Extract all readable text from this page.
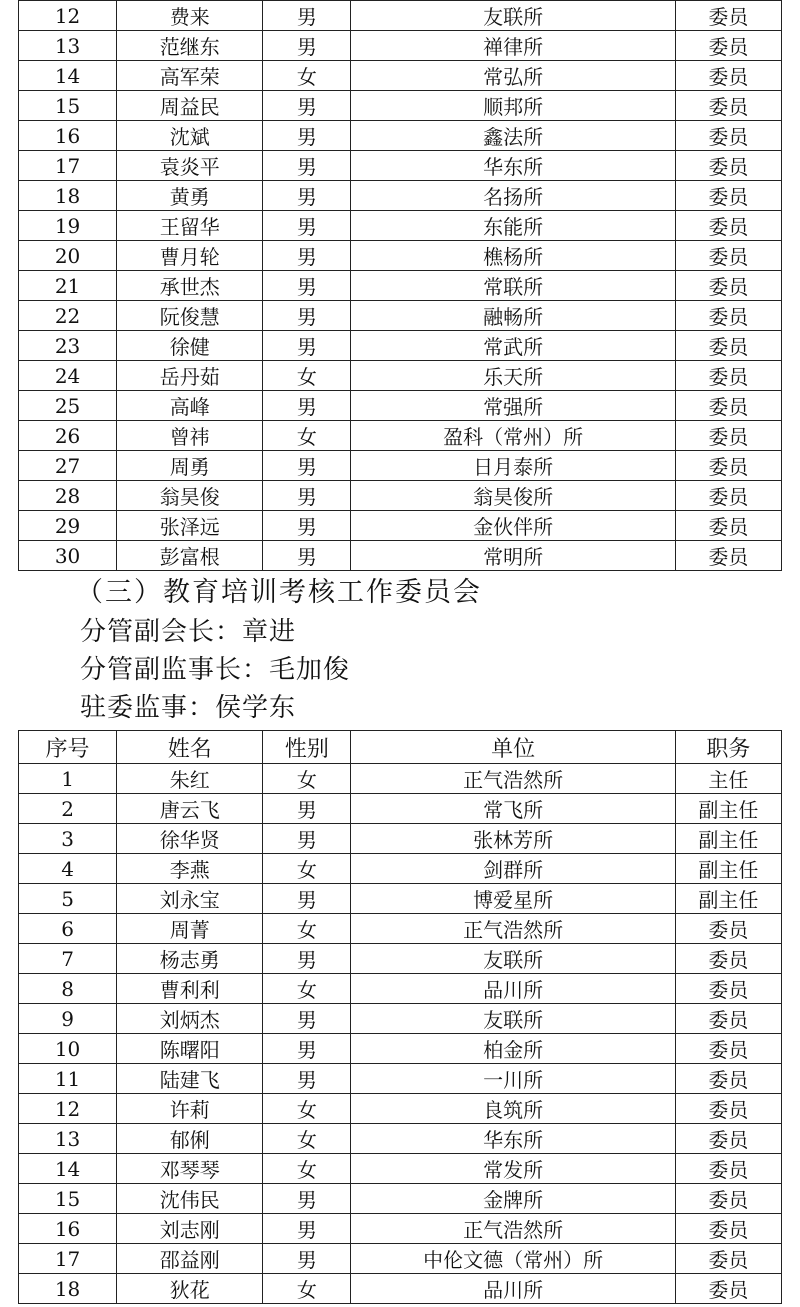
12	费来	男	友联所	委员
13	范继东	男	禅律所	委员
14	高军荣	女	常弘所	委员
15	周益民	男	顺邦所	委员
16	沈斌	男	鑫法所	委员
17	袁炎平	男	华东所	委员
18	黄勇	男	名扬所	委员
19	王留华	男	东能所	委员
20	曹月轮	男	樵杨所	委员
21	承世杰	男	常联所	委员
22	阮俊慧	男	融畅所	委员
23	徐健	男	常武所	委员
24	岳丹茹	女	乐天所	委员
25	高峰	男	常强所	委员
26	曾祎	女	盈科（常州）所	委员
27	周勇	男	日月泰所	委员
28	翁昊俊	男	翁昊俊所	委员
29	张泽远	男	金伙伴所	委员
30	彭富根	男	常明所	委员

（三）教育培训考核工作委员会

分管副会长：章进

分管副监事长：毛加俊

驻委监事：侯学东

序号	姓名	性别	单位	职务
1	朱红	女	正气浩然所	主任
2	唐云飞	男	常飞所	副主任
3	徐华贤	男	张林芳所	副主任
4	李燕	女	剑群所	副主任
5	刘永宝	男	博爱星所	副主任
6	周菁	女	正气浩然所	委员
7	杨志勇	男	友联所	委员
8	曹利利	女	品川所	委员
9	刘炳杰	男	友联所	委员
10	陈曙阳	男	柏金所	委员
11	陆建飞	男	一川所	委员
12	许莉	女	良筑所	委员
13	郁俐	女	华东所	委员
14	邓琴琴	女	常发所	委员
15	沈伟民	男	金牌所	委员
16	刘志刚	男	正气浩然所	委员
17	邵益刚	男	中伦文德（常州）所	委员
18	狄花	女	品川所	委员
